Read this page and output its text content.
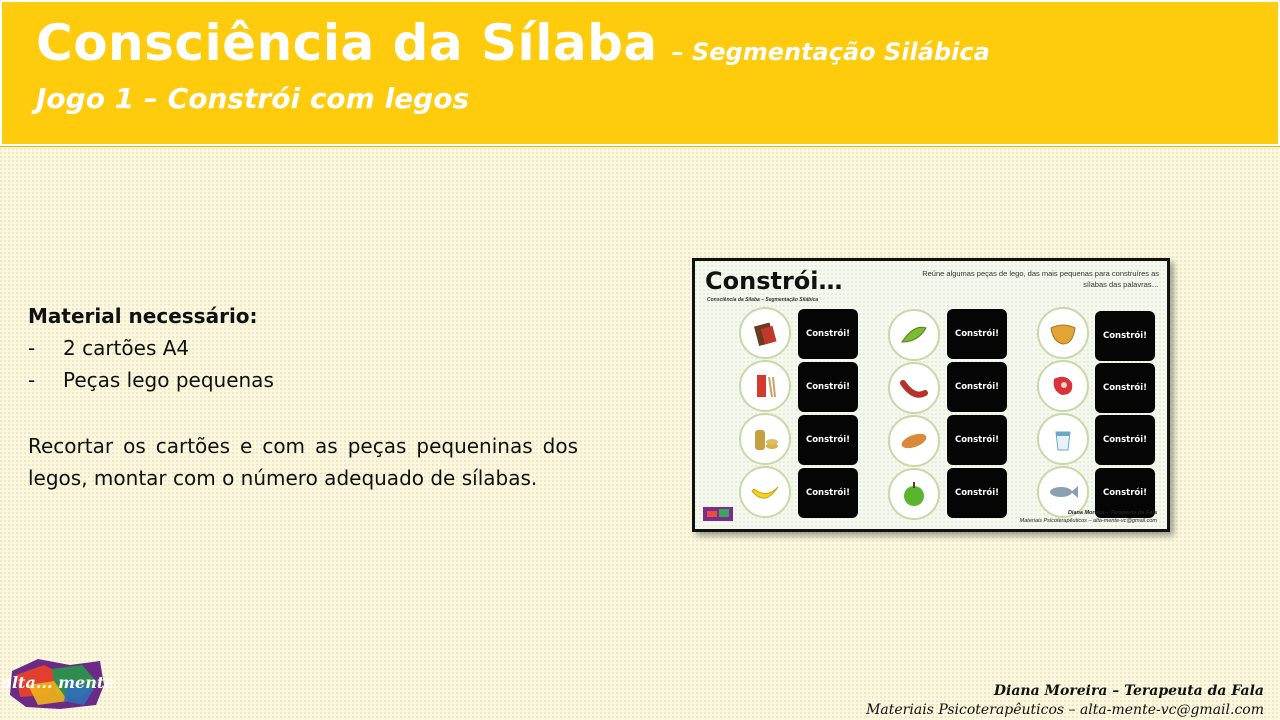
Consciência da Sílaba – Segmentação Silábica
Jogo 1 – Constrói com legos
Material necessário:
- 2 cartões A4
- Peças lego pequenas
Recortar os cartões e com as peças pequeninas dos legos, montar com o número adequado de sílabas.
Constrói…
Consciência da Sílaba – Segmentação Silábica
Reúne algumas peças de lego, das mais pequenas para construíres as sílabas das palavras…
Constrói!
Constrói!
Constrói!
Constrói!
Constrói!
Constrói!
Constrói!
Constrói!
Constrói!
Constrói!
Constrói!
Constrói!
Diana Moreira – Terapeuta da Fala
Materiais Psicoterapêuticos – alta-mente-vc@gmail.com
alta... mente	Diana Moreira – Terapeuta da Fala
Materiais Psicoterapêuticos – alta-mente-vc@gmail.com
